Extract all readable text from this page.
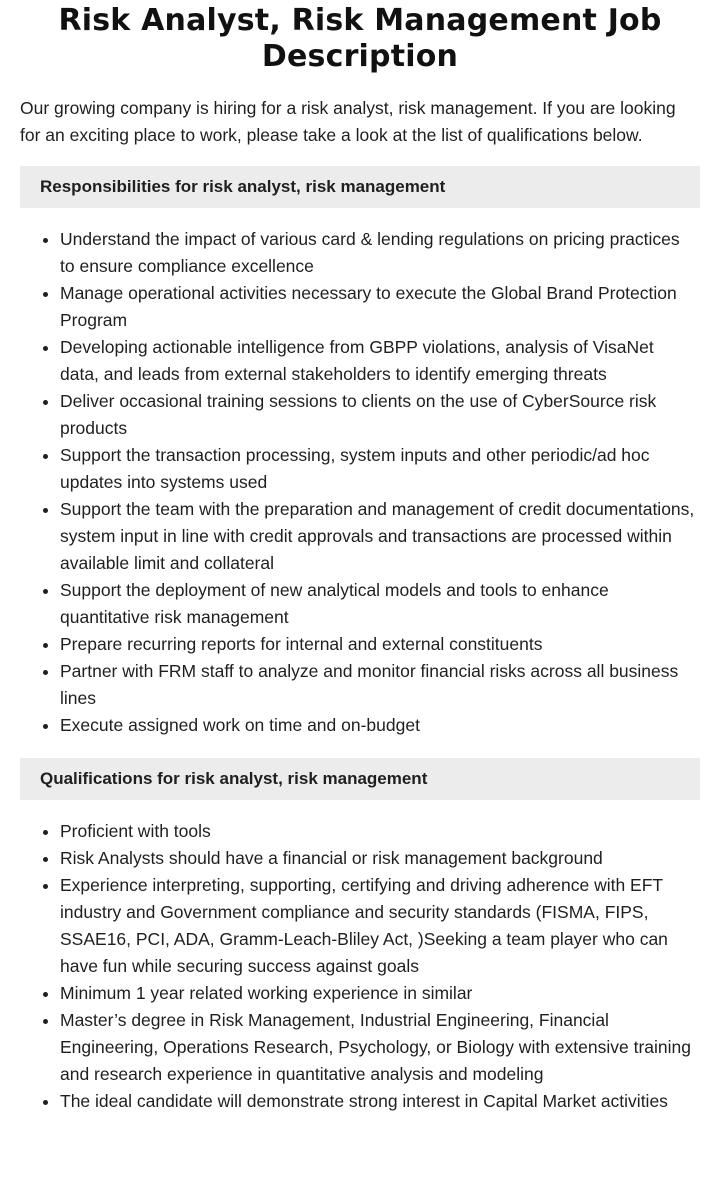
Risk Analyst, Risk Management Job Description

Our growing company is hiring for a risk analyst, risk management. If you are looking for an exciting place to work, please take a look at the list of qualifications below.

Responsibilities for risk analyst, risk management
• Understand the impact of various card & lending regulations on pricing practices to ensure compliance excellence
• Manage operational activities necessary to execute the Global Brand Protection Program
• Developing actionable intelligence from GBPP violations, analysis of VisaNet data, and leads from external stakeholders to identify emerging threats
• Deliver occasional training sessions to clients on the use of CyberSource risk products
• Support the transaction processing, system inputs and other periodic/ad hoc updates into systems used
• Support the team with the preparation and management of credit documentations, system input in line with credit approvals and transactions are processed within available limit and collateral
• Support the deployment of new analytical models and tools to enhance quantitative risk management
• Prepare recurring reports for internal and external constituents
• Partner with FRM staff to analyze and monitor financial risks across all business lines
• Execute assigned work on time and on-budget
Qualifications for risk analyst, risk management
• Proficient with tools
• Risk Analysts should have a financial or risk management background
• Experience interpreting, supporting, certifying and driving adherence with EFT industry and Government compliance and security standards (FISMA, FIPS, SSAE16, PCI, ADA, Gramm-Leach-Bliley Act, )Seeking a team player who can have fun while securing success against goals
• Minimum 1 year related working experience in similar
• Master’s degree in Risk Management, Industrial Engineering, Financial Engineering, Operations Research, Psychology, or Biology with extensive training and research experience in quantitative analysis and modeling
• The ideal candidate will demonstrate strong interest in Capital Market activities
